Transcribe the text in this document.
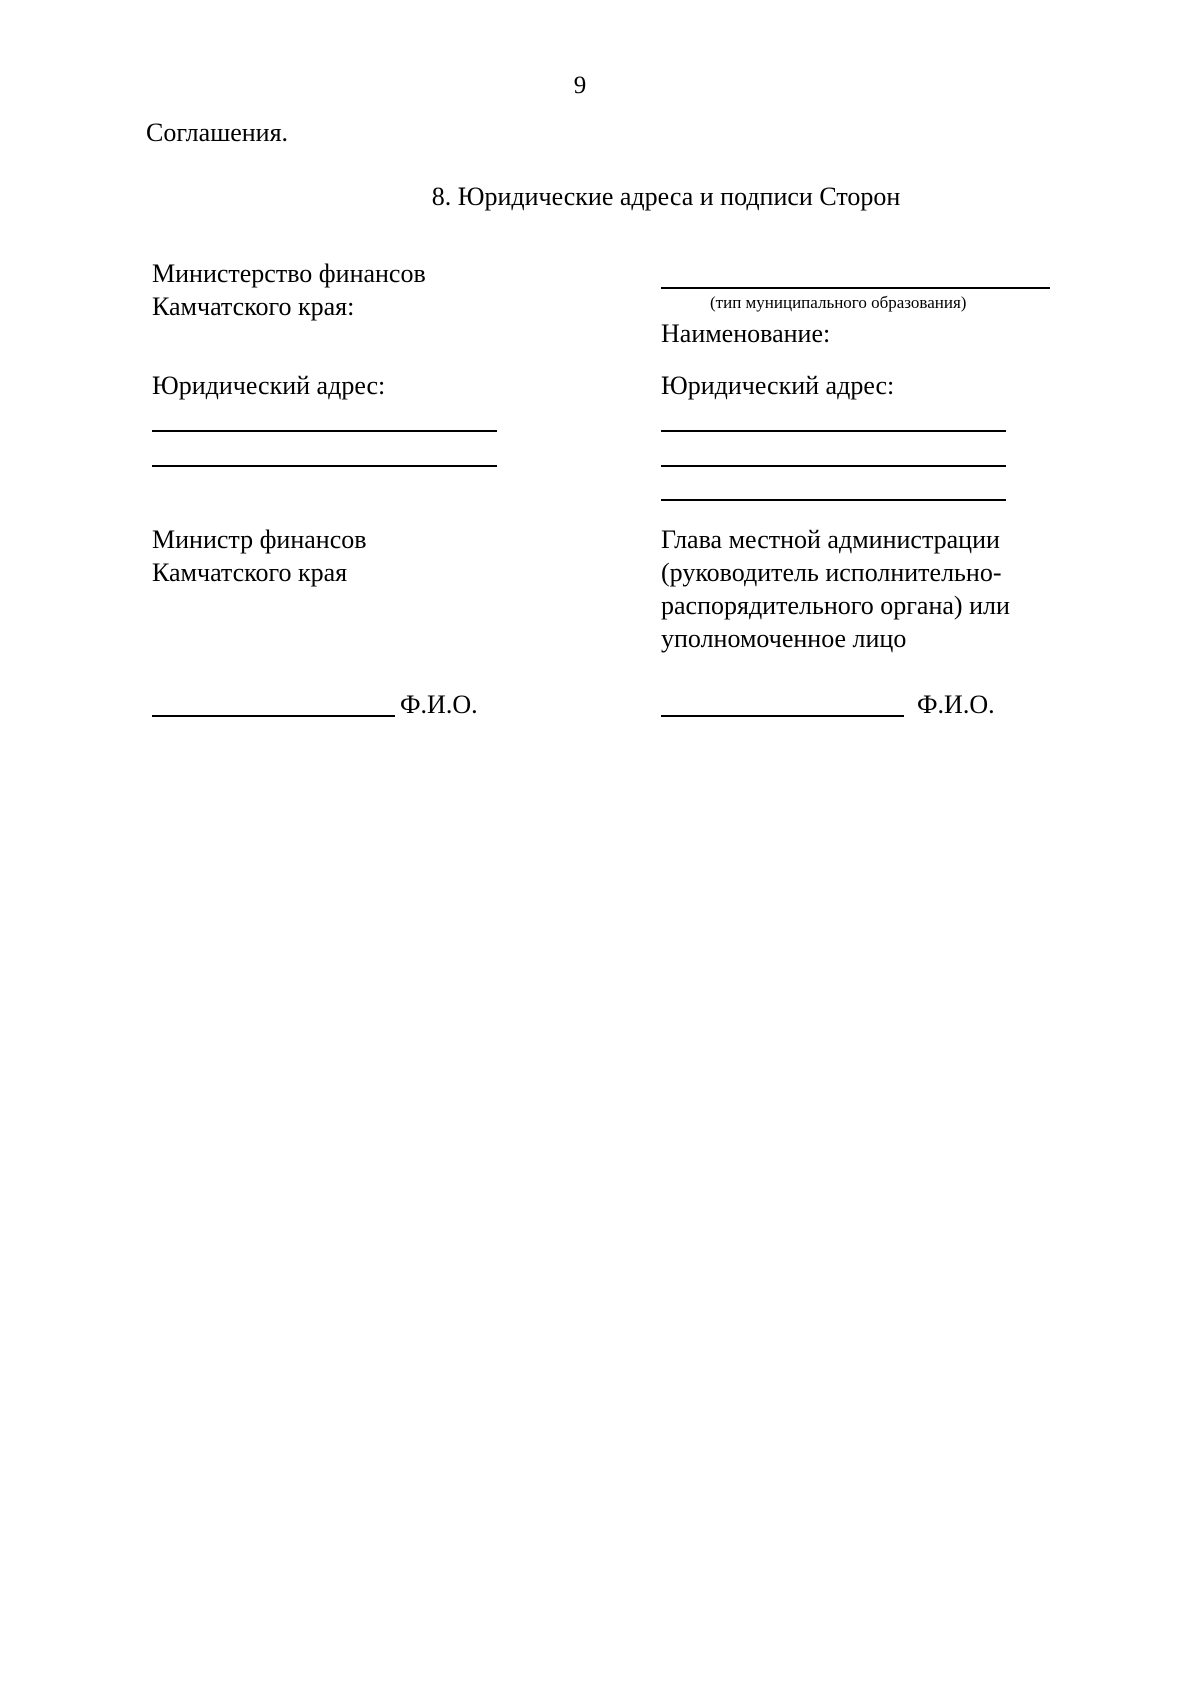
9
Соглашения.
8. Юридические адреса и подписи Сторон
Министерство финансов
Камчатского края:
Юридический адрес:
Министр финансов
Камчатского края
Ф.И.О.
(тип муниципального образования)
Наименование:
Юридический адрес:
Глава местной администрации
(руководитель исполнительно-
распорядительного органа) или
уполномоченное лицо
Ф.И.О.
